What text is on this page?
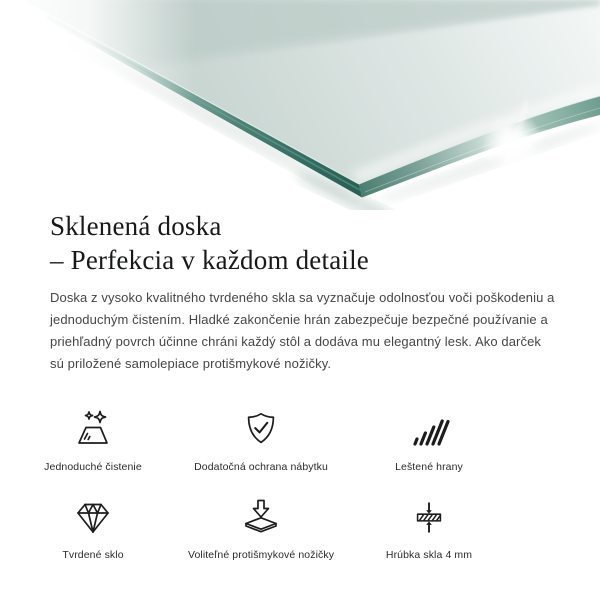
Sklenená doska
– Perfekcia v každom detaile

Doska z vysoko kvalitného tvrdeného skla sa vyznačuje odolnosťou voči poškodeniu a jednoduchým čistením. Hladké zakončenie hrán zabezpečuje bezpečné používanie a priehľadný povrch účinne chráni každý stôl a dodáva mu elegantný lesk. Ako darček sú priložené samolepiace protišmykové nožičky.

Jednoduché čistenie	Dodatočná ochrana nábytku	Leštené hrany
Tvrdené sklo	Voliteľné protišmykové nožičky	Hrúbka skla 4 mm
